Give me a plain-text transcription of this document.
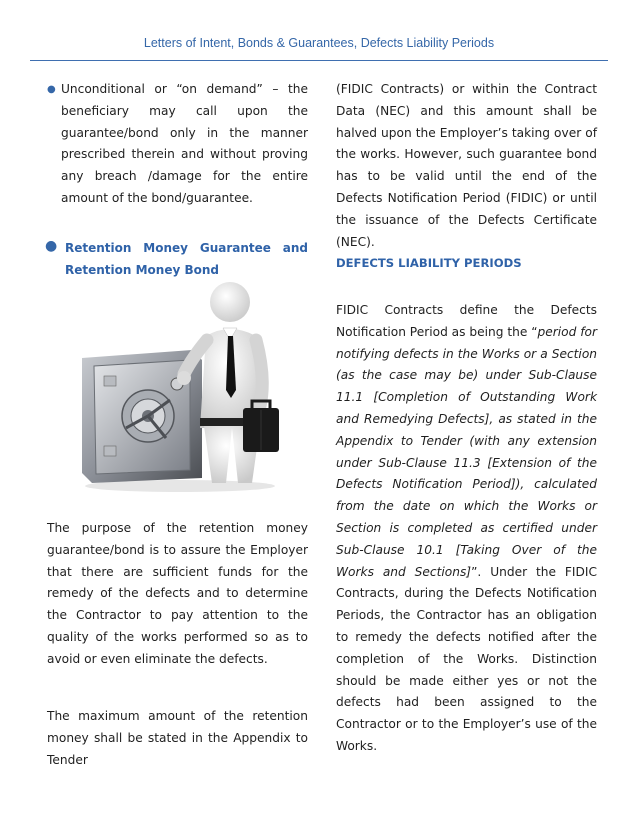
Letters of Intent, Bonds & Guarantees, Defects Liability Periods
● Unconditional or “on demand” – the beneficiary may call upon the guarantee/bond only in the manner prescribed therein and without proving any breach /damage for the entire amount of the bond/guarantee.

● Retention Money Guarantee and Retention Money Bond

The purpose of the retention money guarantee/bond is to assure the Employer that there are sufficient funds for the remedy of the defects and to determine the Contractor to pay attention to the quality of the works performed so as to avoid or even eliminate the defects.

The maximum amount of the retention money shall be stated in the Appendix to Tender

(FIDIC Contracts) or within the Contract Data (NEC) and this amount shall be halved upon the Employer’s taking over of the works. However, such guarantee bond has to be valid until the end of the Defects Notification Period (FIDIC) or until the issuance of the Defects Certificate (NEC).

DEFECTS LIABILITY PERIODS

FIDIC Contracts define the Defects Notification Period as being the “period for notifying defects in the Works or a Section (as the case may be) under Sub-Clause 11.1 [Completion of Outstanding Work and Remedying Defects], as stated in the Appendix to Tender (with any extension under Sub-Clause 11.3 [Extension of the Defects Notification Period]), calculated from the date on which the Works or Section is completed as certified under Sub-Clause 10.1 [Taking Over of the Works and Sections]”. Under the FIDIC Contracts, during the Defects Notification Periods, the Contractor has an obligation to remedy the defects notified after the completion of the Works. Distinction should be made either yes or not the defects had been assigned to the Contractor or to the Employer’s use of the Works.
